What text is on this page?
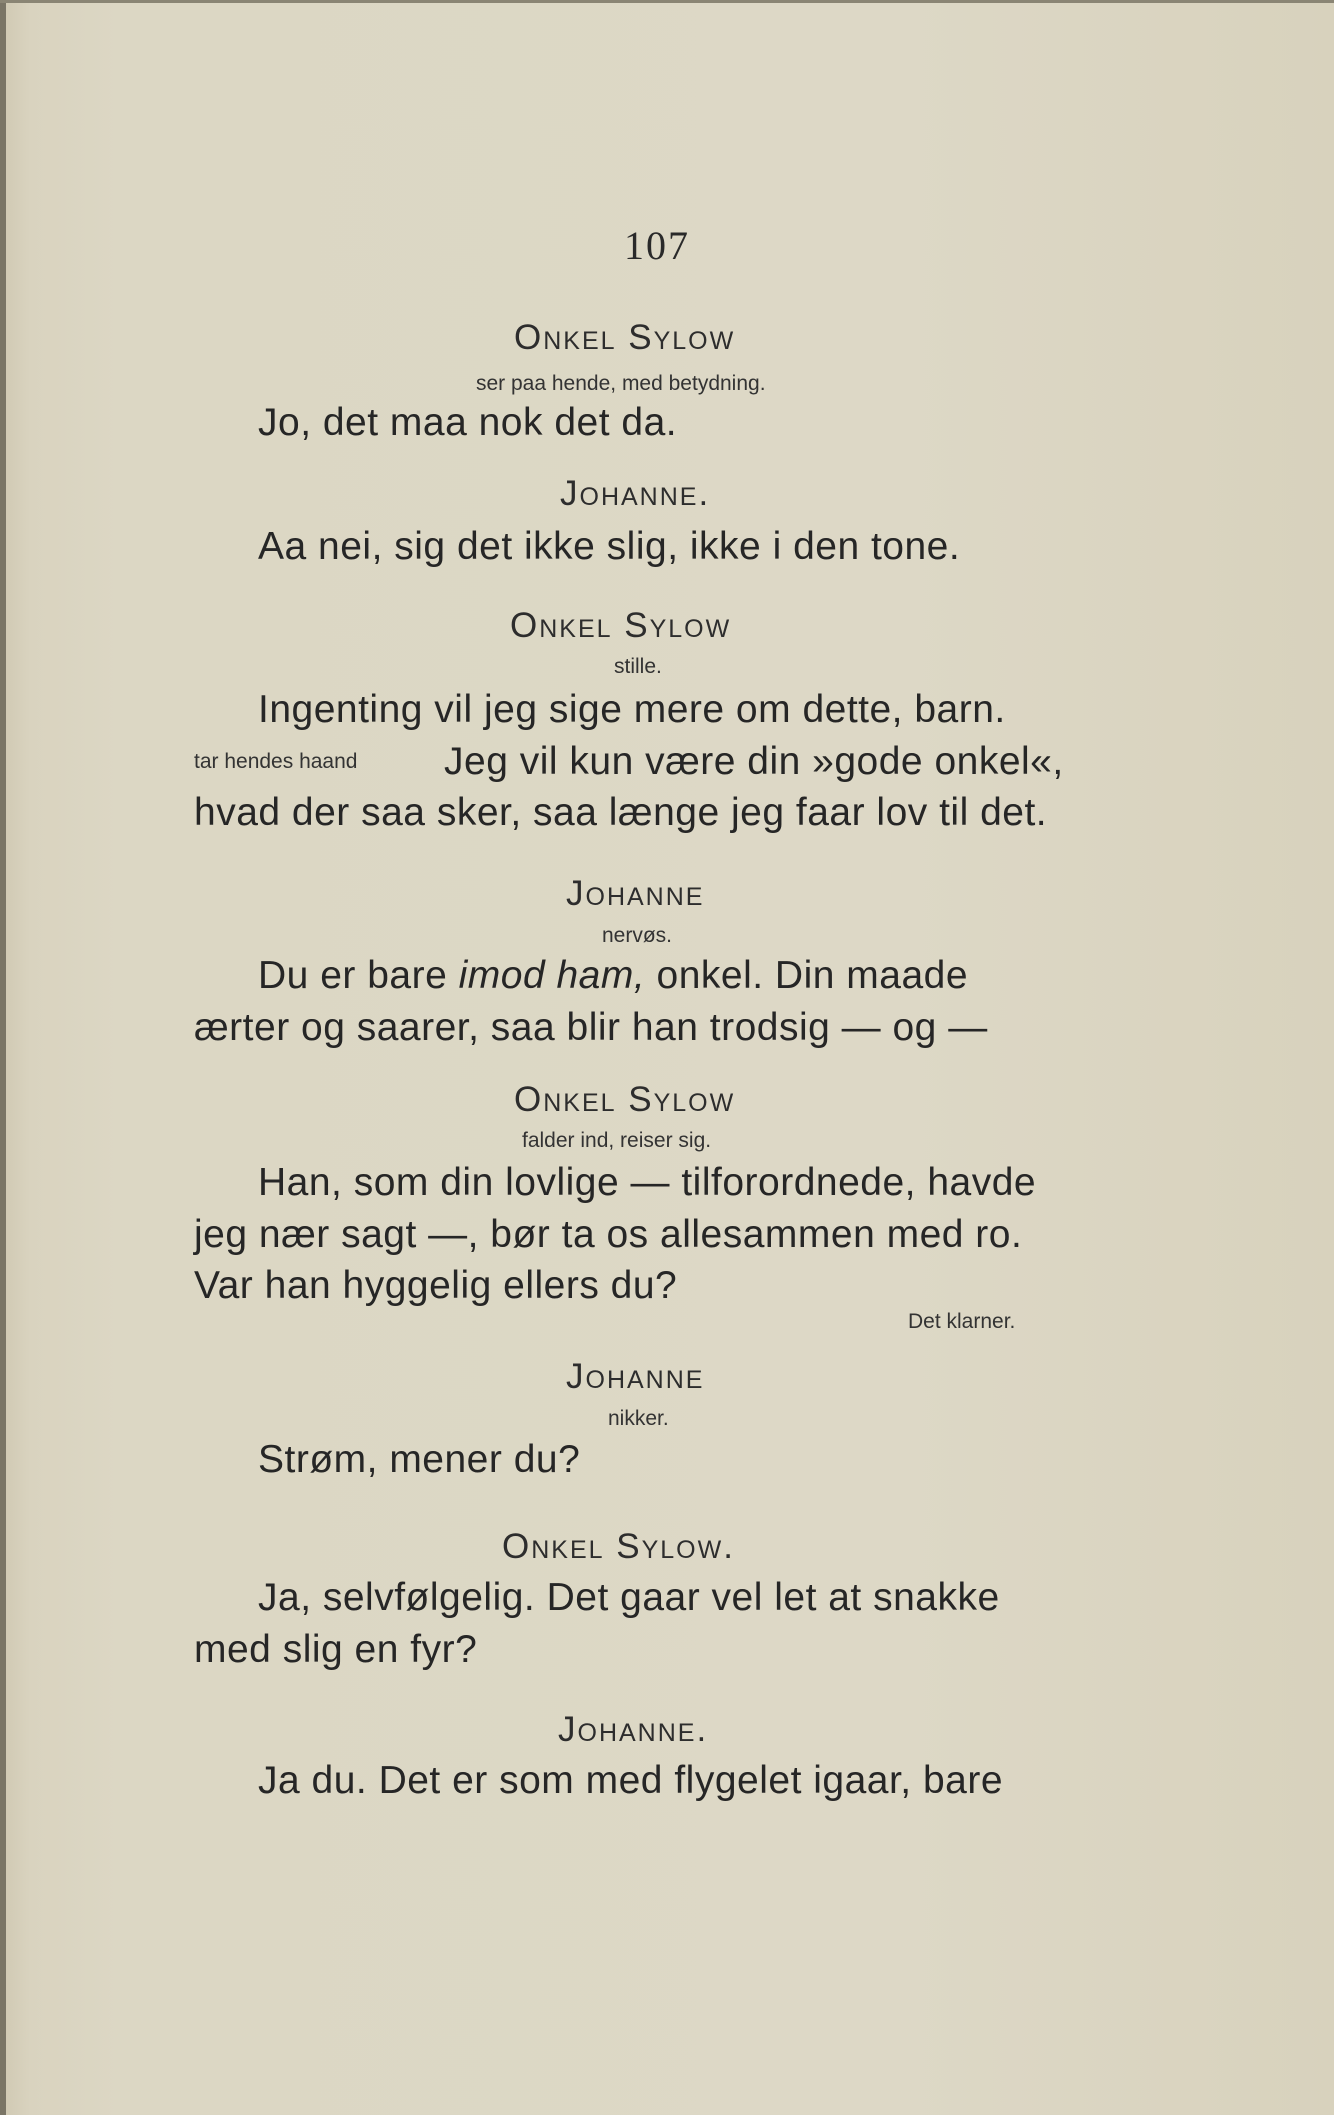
107
Onkel Sylow
ser paa hende, med betydning.
Jo, det maa nok det da.
Johanne.
Aa nei, sig det ikke slig, ikke i den tone.
Onkel Sylow
stille.
Ingenting vil jeg sige mere om dette, barn.
tar hendes haand Jeg vil kun være din »gode onkel«,
hvad der saa sker, saa længe jeg faar lov til det.
Johanne
nervøs.
Du er bare imod ham, onkel. Din maade
ærter og saarer, saa blir han trodsig — og —
Onkel Sylow
falder ind, reiser sig.
Han, som din lovlige — tilforordnede, havde
jeg nær sagt —, bør ta os allesammen med ro.
Var han hyggelig ellers du?
Det klarner.
Johanne
nikker.
Strøm, mener du?
Onkel Sylow.
Ja, selvfølgelig. Det gaar vel let at snakke
med slig en fyr?
Johanne.
Ja du. Det er som med flygelet igaar, bare
